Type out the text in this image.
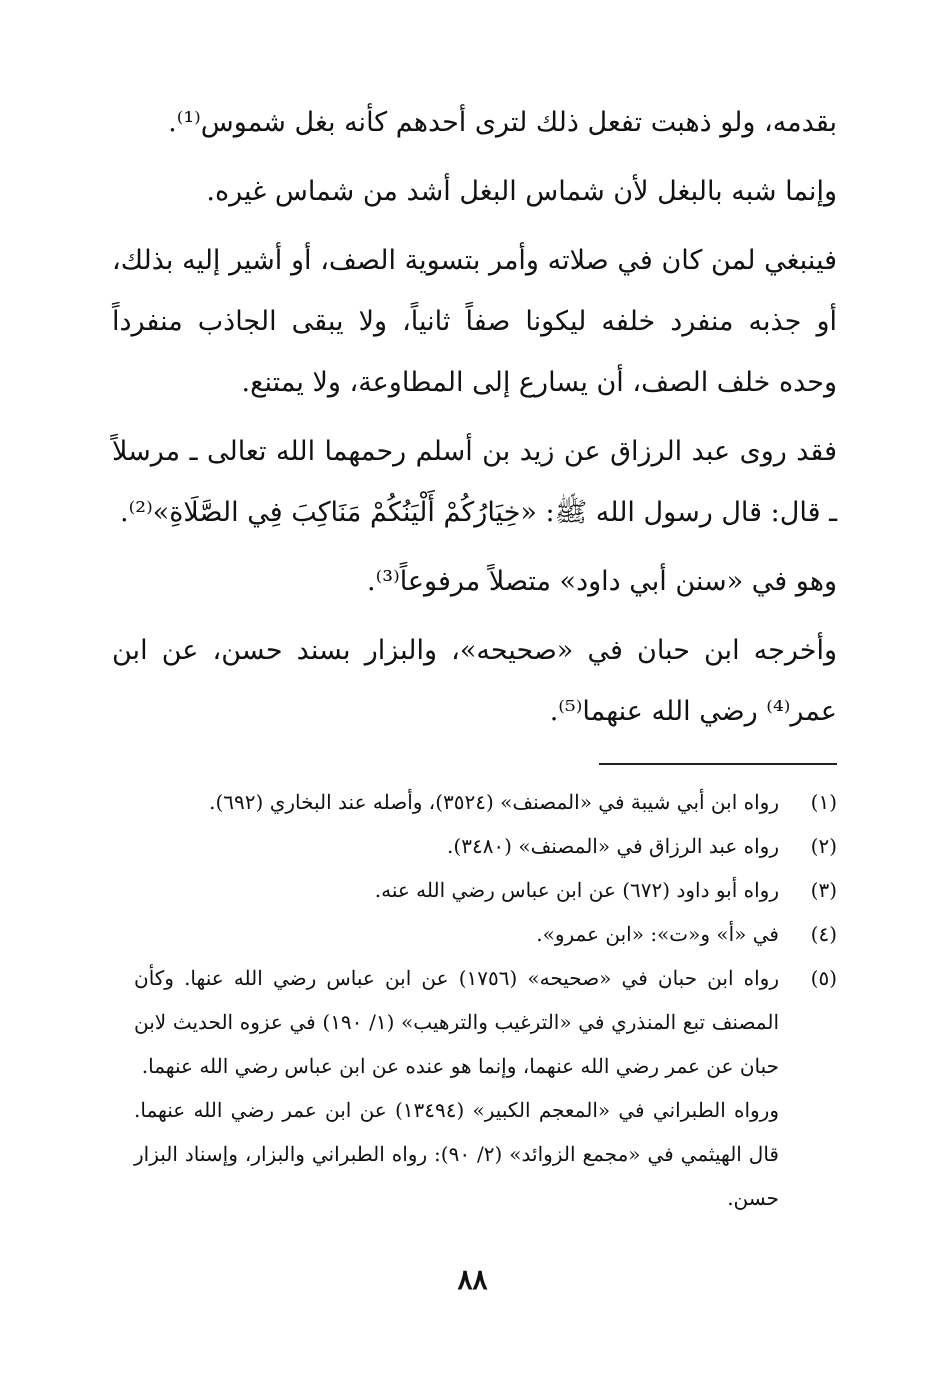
بقدمه، ولو ذهبت تفعل ذلك لترى أحدهم كأنه بغل شموس⁽¹⁾.

وإنما شبه بالبغل لأن شماس البغل أشد من شماس غيره.

فينبغي لمن كان في صلاته وأمر بتسوية الصف، أو أشير إليه بذلك، أو جذبه منفرد خلفه ليكونا صفاً ثانياً، ولا يبقى الجاذب منفرداً وحده خلف الصف، أن يسارع إلى المطاوعة، ولا يمتنع.

فقد روى عبد الرزاق عن زيد بن أسلم رحمهما الله تعالى ـ مرسلاً ـ قال: قال رسول الله ﷺ: «خِيَارُكُمْ أَلْيَنُكُمْ مَنَاكِبَ فِي الصَّلَاةِ»⁽²⁾.

وهو في «سنن أبي داود» متصلاً مرفوعاً⁽³⁾.

وأخرجه ابن حبان في «صحيحه»، والبزار بسند حسن، عن ابن عمر⁽⁴⁾ رضي الله عنهما⁽⁵⁾.

(١)

رواه ابن أبي شيبة في «المصنف» (٣٥٢٤)، وأصله عند البخاري (٦٩٢).

(٢)

رواه عبد الرزاق في «المصنف» (٣٤٨٠).

(٣)

رواه أبو داود (٦٧٢) عن ابن عباس رضي الله عنه.

(٤)

في «أ» و«ت»: «ابن عمرو».

(٥)

رواه ابن حبان في «صحيحه» (١٧٥٦) عن ابن عباس رضي الله عنها. وكأن المصنف تبع المنذري في «الترغيب والترهيب» (١/ ١٩٠) في عزوه الحديث لابن حبان عن عمر رضي الله عنهما، وإنما هو عنده عن ابن عباس رضي الله عنهما.

ورواه الطبراني في «المعجم الكبير» (١٣٤٩٤) عن ابن عمر رضي الله عنهما. قال الهيثمي في «مجمع الزوائد» (٢/ ٩٠): رواه الطبراني والبزار، وإسناد البزار حسن.

٨٨
